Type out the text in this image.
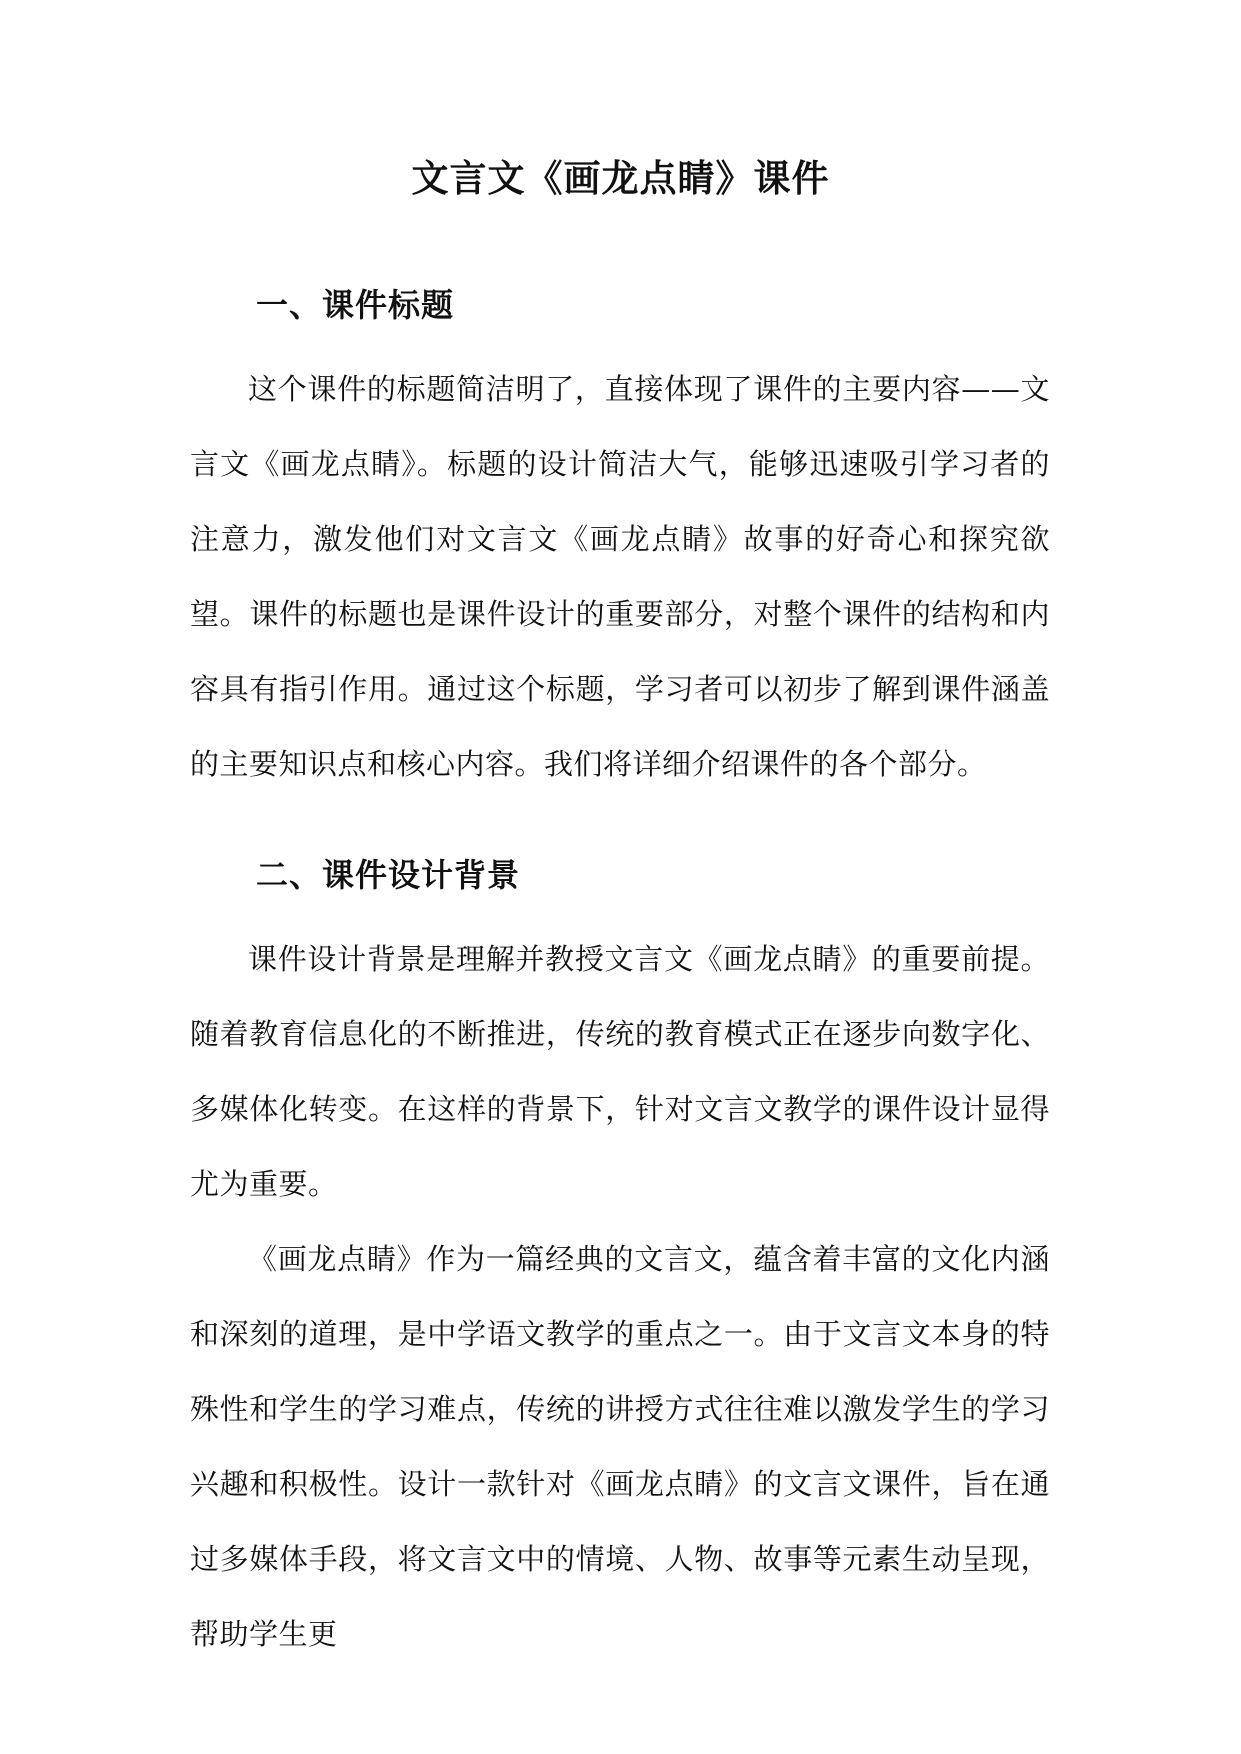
文言文《画龙点睛》课件
一、课件标题

这个课件的标题简洁明了，直接体现了课件的主要内容——文言文《画龙点睛》。标题的设计简洁大气，能够迅速吸引学习者的注意力，激发他们对文言文《画龙点睛》故事的好奇心和探究欲望。课件的标题也是课件设计的重要部分，对整个课件的结构和内容具有指引作用。通过这个标题，学习者可以初步了解到课件涵盖的主要知识点和核心内容。我们将详细介绍课件的各个部分。

二、课件设计背景

课件设计背景是理解并教授文言文《画龙点睛》的重要前提。随着教育信息化的不断推进，传统的教育模式正在逐步向数字化、多媒体化转变。在这样的背景下，针对文言文教学的课件设计显得尤为重要。

《画龙点睛》作为一篇经典的文言文，蕴含着丰富的文化内涵和深刻的道理，是中学语文教学的重点之一。由于文言文本身的特殊性和学生的学习难点，传统的讲授方式往往难以激发学生的学习兴趣和积极性。设计一款针对《画龙点睛》的文言文课件，旨在通过多媒体手段，将文言文中的情境、人物、故事等元素生动呈现，帮助学生更
